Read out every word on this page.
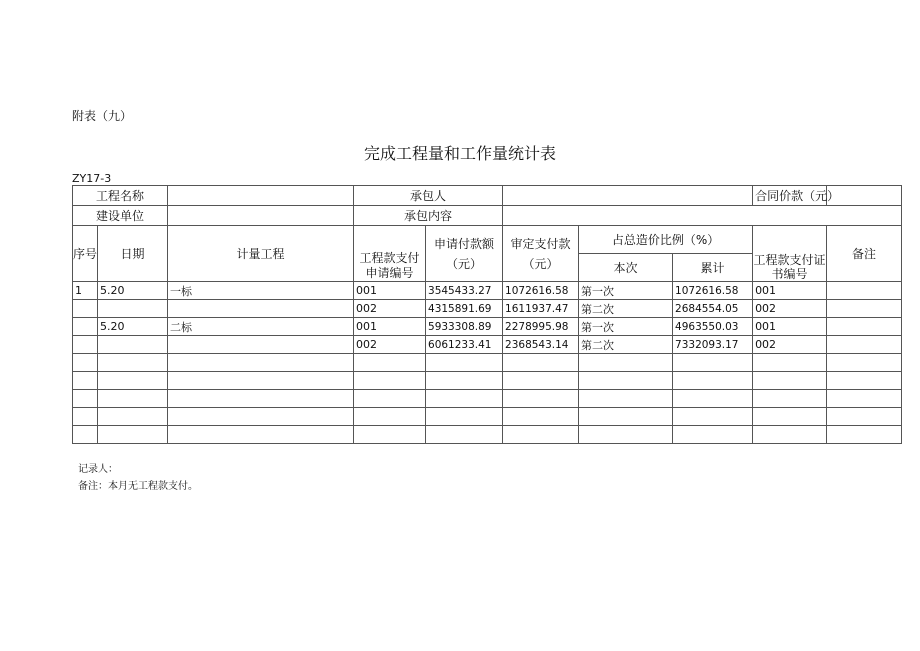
附表（九）
完成工程量和工作量统计表
ZY17-3
工程名称			承包人					合同价款（元）	
建设单位			承包内容						
序号	日期	计量工程	工程款支付申请编号	申请付款额（元）	审定支付款（元）	占总造价比例（%）		工程款支付证书编号	备注
						本次	累计		
1	5.20	一标	001	3545433.27	1072616.58	第一次	1072616.58	001	
			002	4315891.69	1611937.47	第二次	2684554.05	002	
	5.20	二标	001	5933308.89	2278995.98	第一次	4963550.03	001	
			002	6061233.41	2368543.14	第二次	7332093.17	002	

记录人：
备注：本月无工程款支付。
